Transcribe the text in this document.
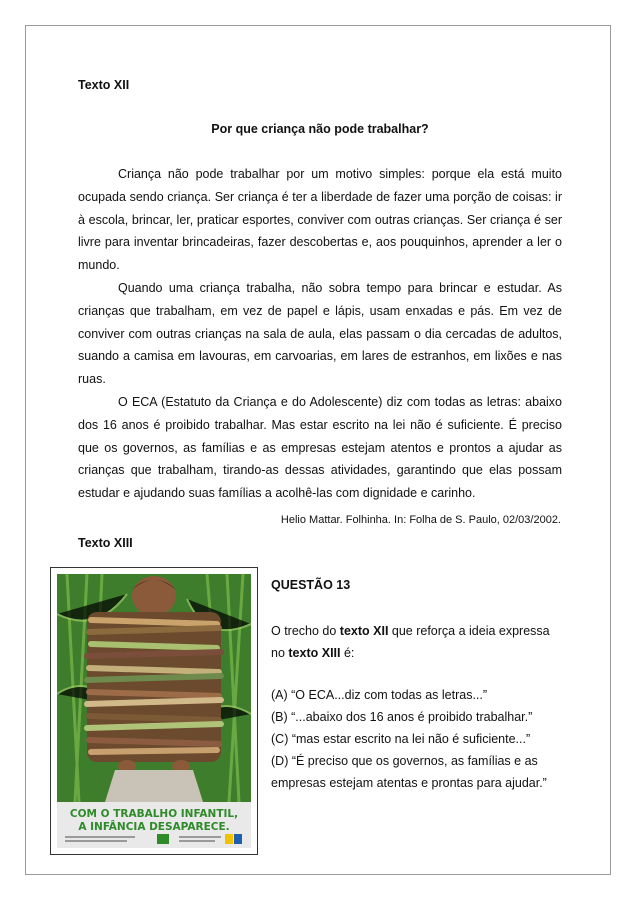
Texto XII
Por que criança não pode trabalhar?

Criança não pode trabalhar por um motivo simples: porque ela está muito ocupada sendo criança. Ser criança é ter a liberdade de fazer uma porção de coisas: ir à escola, brincar, ler, praticar esportes, conviver com outras crianças. Ser criança é ser livre para inventar brincadeiras, fazer descobertas e, aos pouquinhos, aprender a ler o mundo.

Quando uma criança trabalha, não sobra tempo para brincar e estudar. As crianças que trabalham, em vez de papel e lápis, usam enxadas e pás. Em vez de conviver com outras crianças na sala de aula, elas passam o dia cercadas de adultos, suando a camisa em lavouras, em carvoarias, em lares de estranhos, em lixões e nas ruas.

O ECA (Estatuto da Criança e do Adolescente) diz com todas as letras: abaixo dos 16 anos é proibido trabalhar. Mas estar escrito na lei não é suficiente. É preciso que os governos, as famílias e as empresas estejam atentos e prontos a ajudar as crianças que trabalham, tirando-as dessas atividades, garantindo que elas possam estudar e ajudando suas famílias a acolhê-las com dignidade e carinho.

Helio Mattar. Folhinha. In: Folha de S. Paulo, 02/03/2002.
Texto XIII
COM O TRABALHO INFANTIL,
A INFÂNCIA DESAPARECE.
QUESTÃO 13
O trecho do texto XII que reforça a ideia expressa no texto XIII é:
(A) “O ECA...diz com todas as letras...”
(B) “...abaixo dos 16 anos é proibido trabalhar.”
(C) “mas estar escrito na lei não é suficiente...”
(D) “É preciso que os governos, as famílias e as empresas estejam atentas e prontas para ajudar.”
